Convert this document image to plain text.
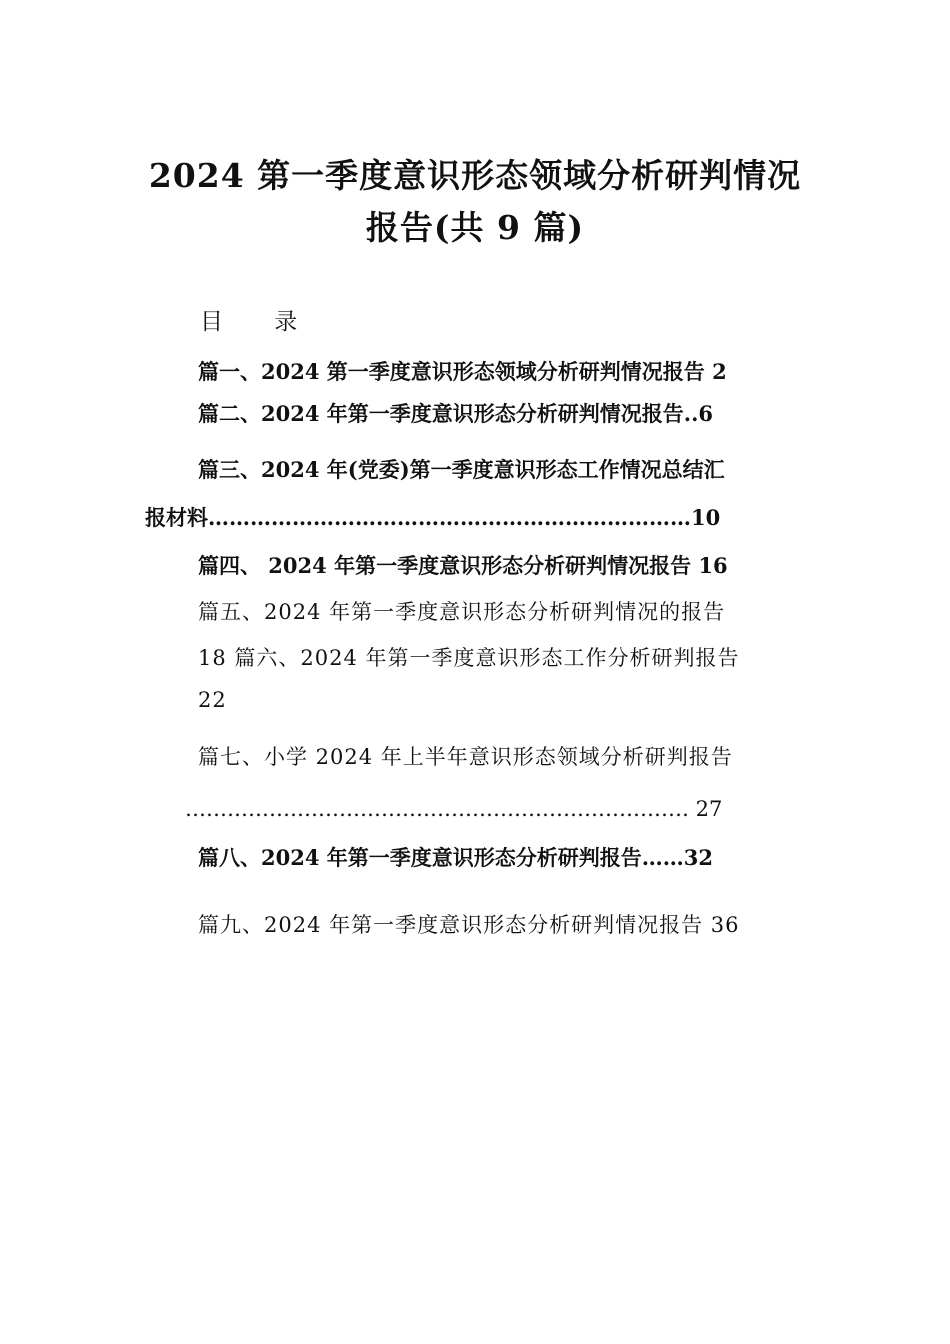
2024 第一季度意识形态领域分析研判情况
报告(共 9 篇)
目 录
篇一、2024 第一季度意识形态领域分析研判情况报告 2
篇二、2024 年第一季度意识形态分析研判情况报告..6
篇三、2024 年(党委)第一季度意识形态工作情况总结汇
报材料……………………………………………………………10
篇四、 2024 年第一季度意识形态分析研判情况报告 16
篇五、2024 年第一季度意识形态分析研判情况的报告
18 篇六、2024 年第一季度意识形态工作分析研判报告
22
篇七、小学 2024 年上半年意识形态领域分析研判报告
……………………………………………………………… 27
篇八、2024 年第一季度意识形态分析研判报告……32
篇九、2024 年第一季度意识形态分析研判情况报告 36
